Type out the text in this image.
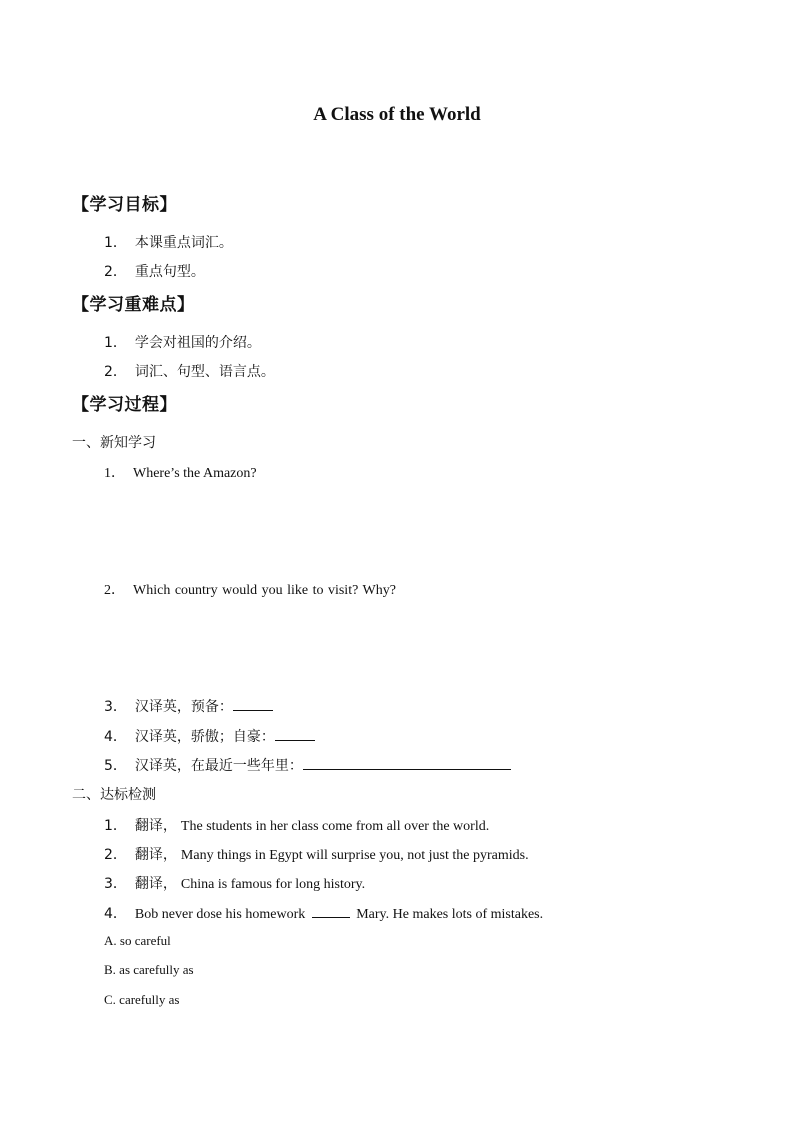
A Class of the World
【学习目标】
1． 本课重点词汇。
2． 重点句型。
【学习重难点】
1． 学会对祖国的介绍。
2． 词汇、句型、语言点。
【学习过程】
一、新知学习
1． Where’s the Amazon?
2． Which country would you like to visit? Why?
3． 汉译英，预备：
4． 汉译英，骄傲；自豪：
5． 汉译英，在最近一些年里：
二、达标检测
1． 翻译， The students in her class come from all over the world.
2． 翻译， Many things in Egypt will surprise you, not just the pyramids.
3． 翻译， China is famous for long history.
4． Bob never dose his homework	Mary. He makes lots of mistakes.
A. so careful
B. as carefully as
C. carefully as
